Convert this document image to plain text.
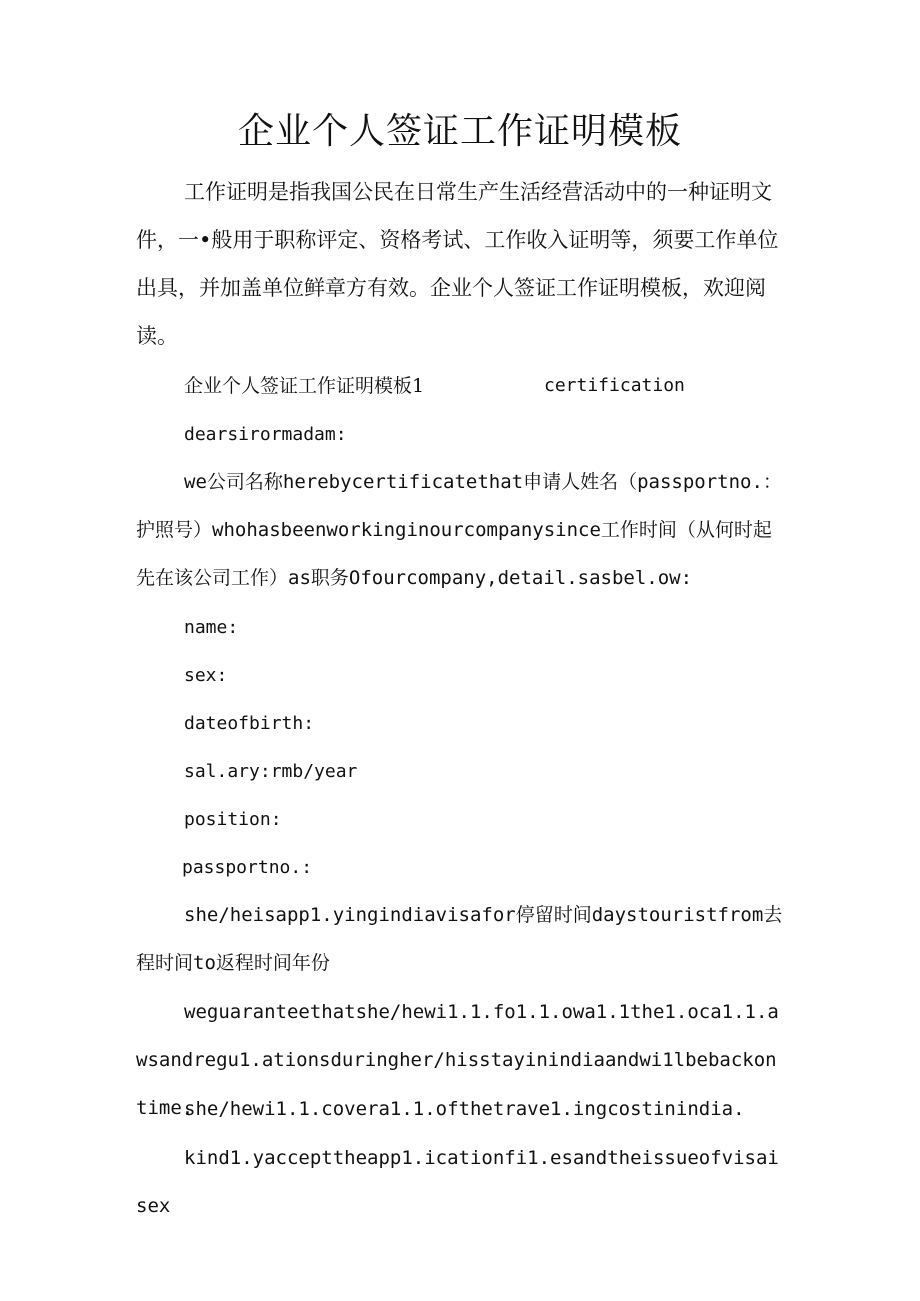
企业个人签证工作证明模板

工作证明是指我国公民在日常生产生活经营活动中的一种证明文件，一•般用于职称评定、资格考试、工作收入证明等，须要工作单位出具，并加盖单位鲜章方有效。企业个人签证工作证明模板，欢迎阅读。

企业个人签证工作证明模板1	certification

dearsirormadam:

we公司名称herebycertificatethat申请人姓名（passportno.：护照号）whohasbeenworkinginourcompanysince工作时间（从何时起先在该公司工作）as职务Ofourcompany,detail.sasbel.ow:

name:

sex:

dateofbirth:

sal.ary:rmb/year

position:

passportno.:

she/heisapp1.yingindiavisafor停留时间daystouristfrom去程时间to返程时间年份

weguaranteethatshe/hewi1.1.fo1.1.owa1.1the1.oca1.1.awsandregu1.ationsduringher/hisstayinindiaandwi1lbebackontime.

she/hewi1.1.covera1.1.ofthetrave1.ingcostinindia.

kind1.yaccepttheapp1.icationfi1.esandtheissueofvisaisex
